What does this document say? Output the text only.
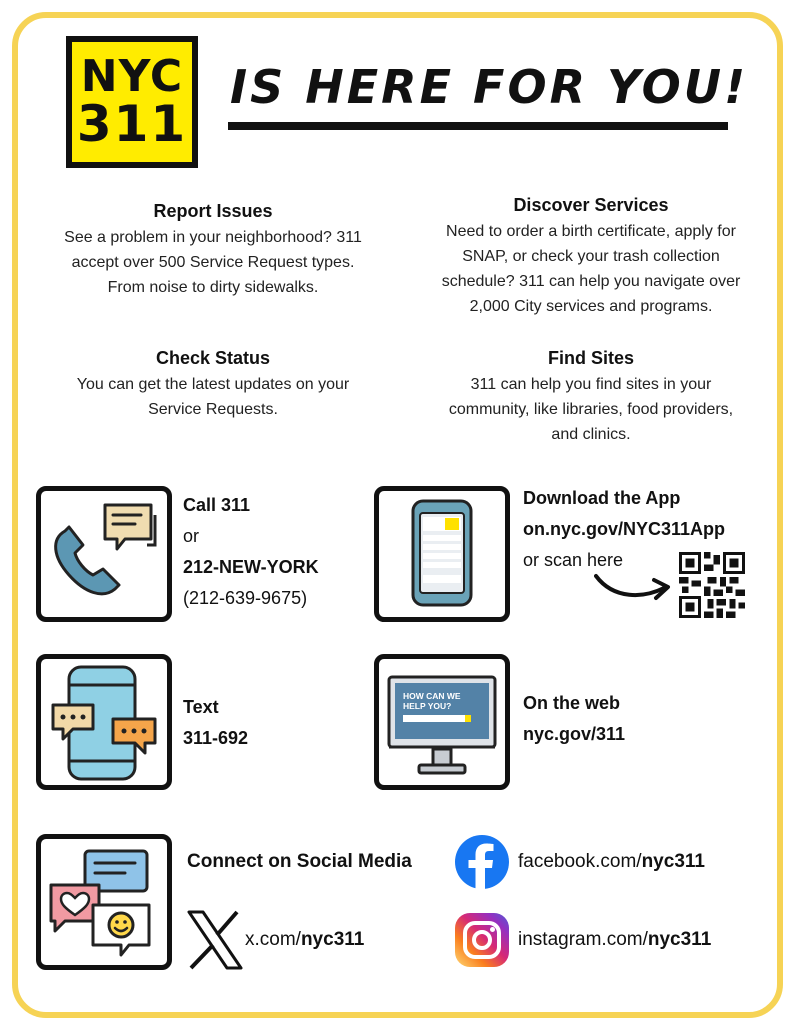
NYC
311
IS HERE FOR YOU!
Report Issues
See a problem in your neighborhood? 311
accept over 500 Service Request types.
From noise to dirty sidewalks.
Discover Services
Need to order a birth certificate, apply for
SNAP, or check your trash collection
schedule? 311 can help you navigate over
2,000 City services and programs.
Check Status
You can get the latest updates on your
Service Requests.
Find Sites
311 can help you find sites in your
community, like libraries, food providers,
and clinics.
Call 311
or
212-NEW-YORK
(212-639-9675)
Download the App
on.nyc.gov/NYC311App
or scan here
Text
311-692
HOW CAN WE
HELP YOU?	On the web
nyc.gov/311
Connect on Social Media
x.com/nyc311
facebook.com/nyc311
instagram.com/nyc311
